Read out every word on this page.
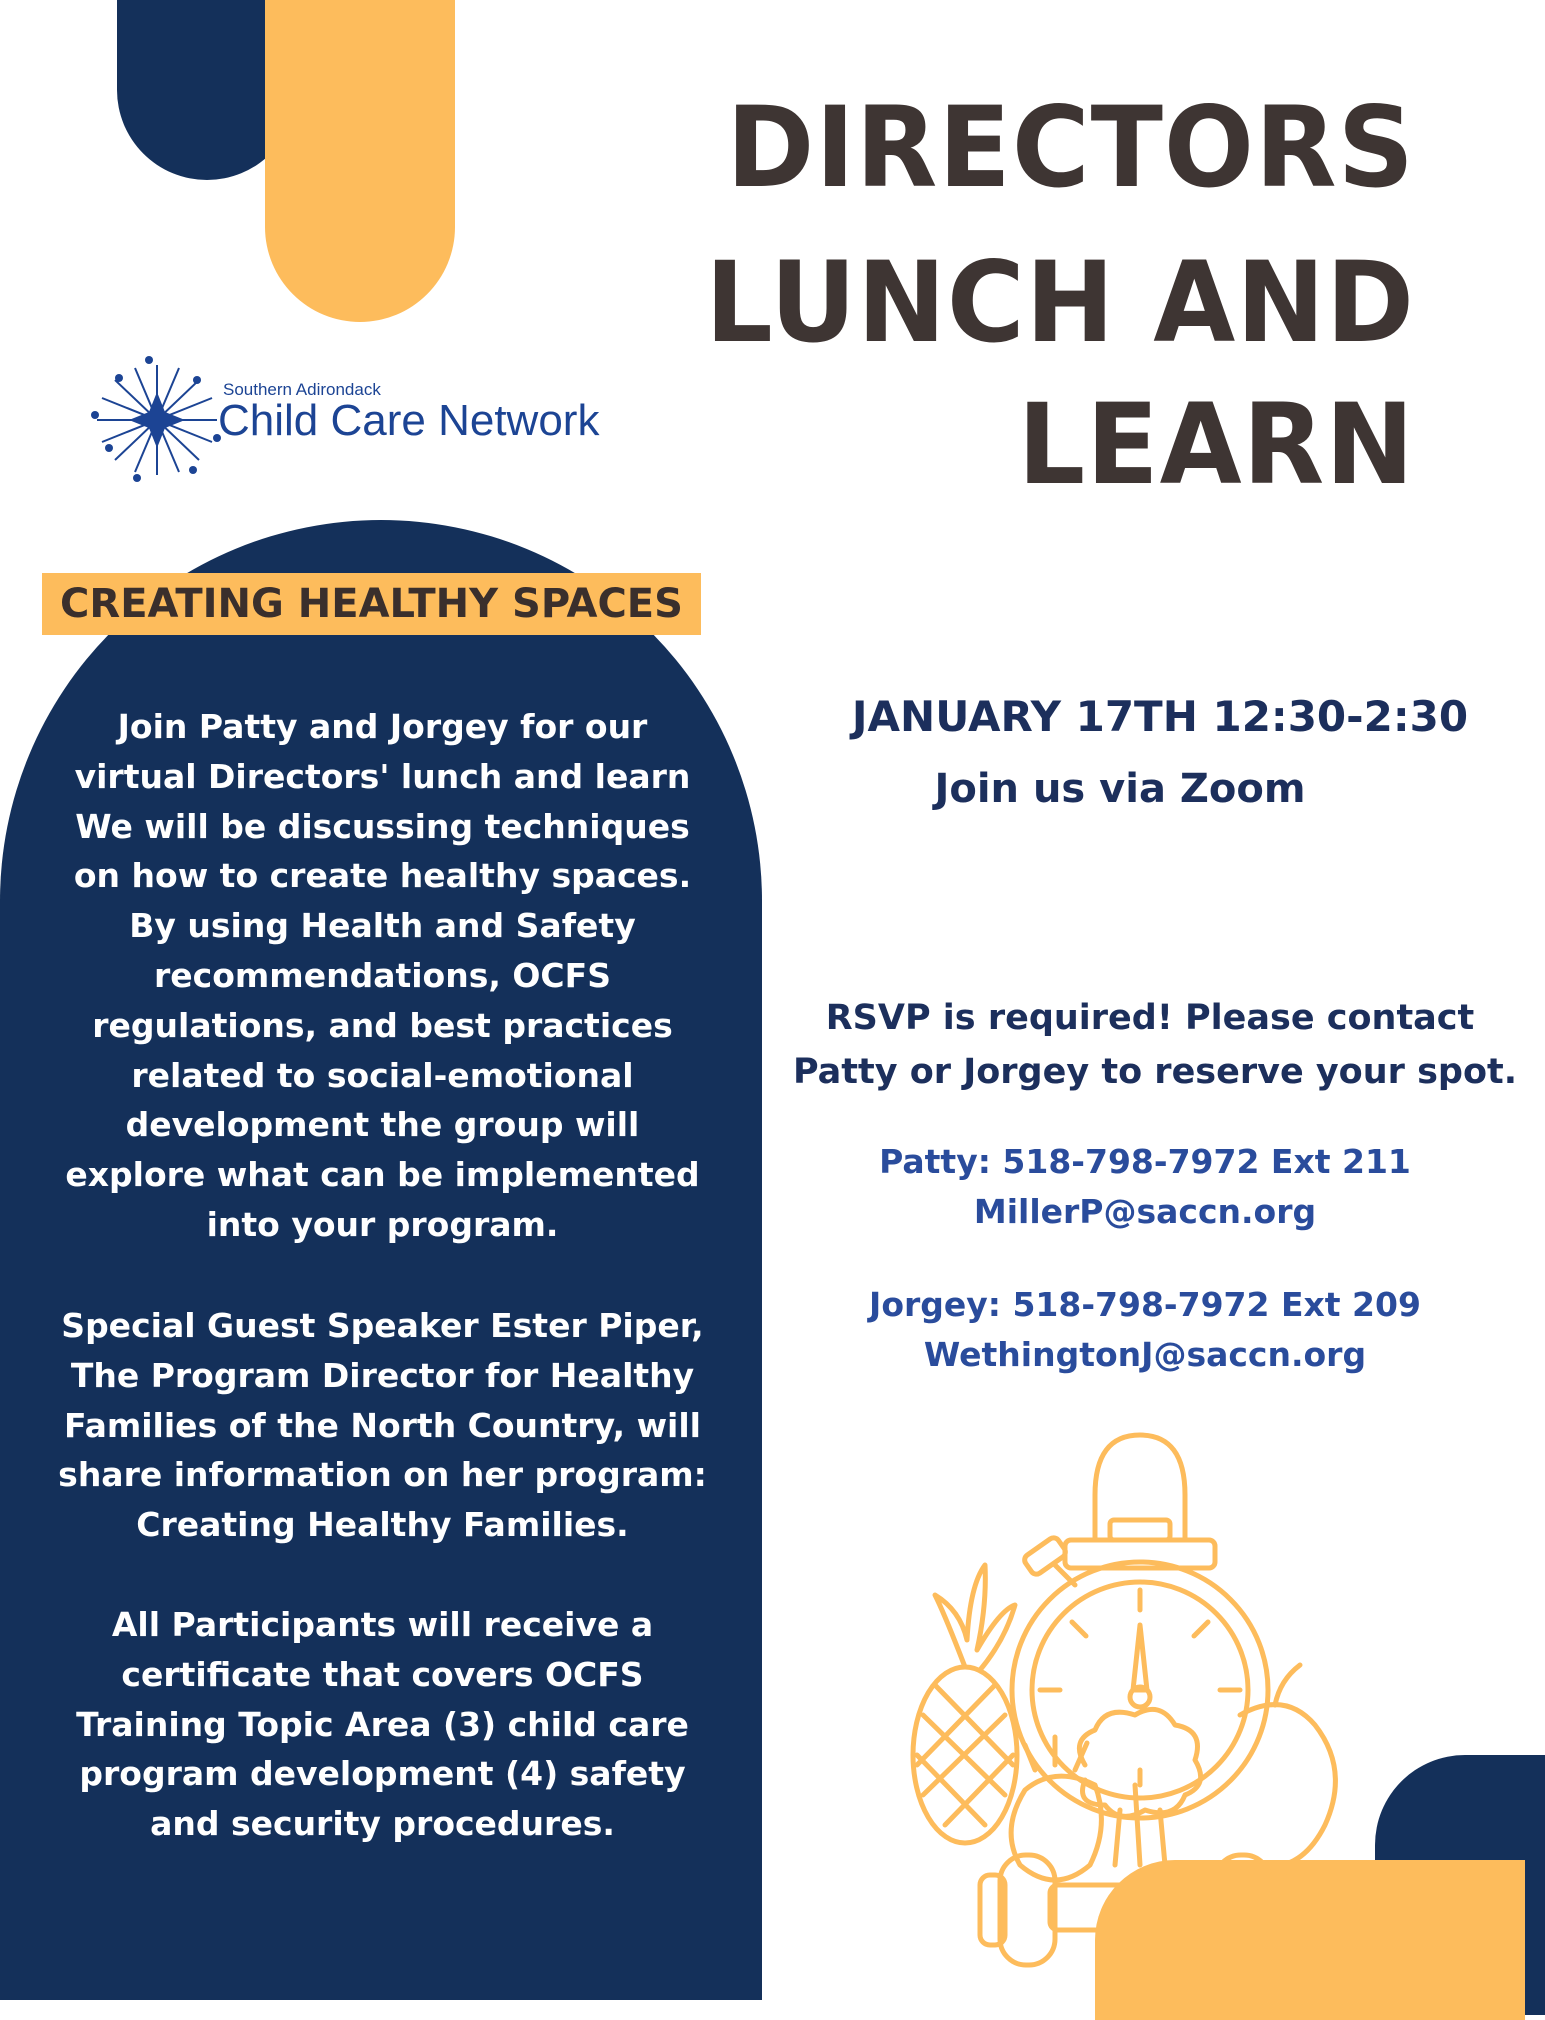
DIRECTORS
LUNCH AND
LEARN
Southern Adirondack
Child Care Network
CREATING HEALTHY SPACES
Join Patty and Jorgey for our
virtual Directors' lunch and learn
We will be discussing techniques
on how to create healthy spaces.
By using Health and Safety
recommendations, OCFS
regulations, and best practices
related to social-emotional
development the group will
explore what can be implemented
into your program.
Special Guest Speaker Ester Piper,
The Program Director for Healthy
Families of the North Country, will
share information on her program:
Creating Healthy Families.
All Participants will receive a
certificate that covers OCFS
Training Topic Area (3) child care
program development (4) safety
and security procedures.
JANUARY 17TH 12:30-2:30
Join us via Zoom
RSVP is required! Please contact
Patty or Jorgey to reserve your spot.
Patty: 518-798-7972 Ext 211
MillerP@saccn.org
Jorgey: 518-798-7972 Ext 209
WethingtonJ@saccn.org
